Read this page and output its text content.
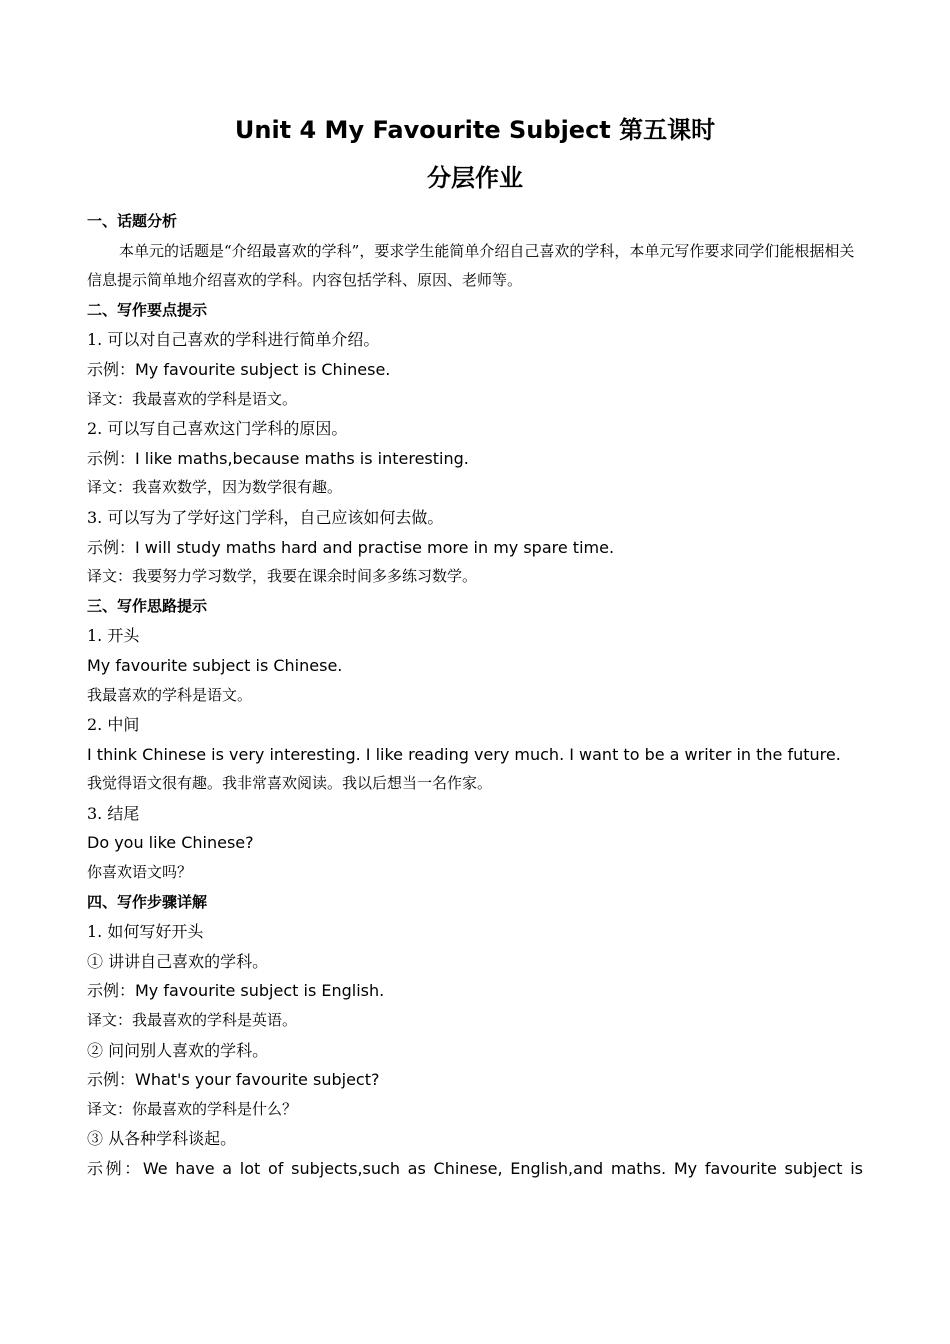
Unit 4 My Favourite Subject 第五课时
分层作业
一、话题分析
本单元的话题是“介绍最喜欢的学科”，要求学生能简单介绍自己喜欢的学科，本单元写作要求同学们能根据相关信息提示简单地介绍喜欢的学科。内容包括学科、原因、老师等。
二、写作要点提示
1. 可以对自己喜欢的学科进行简单介绍。
示例：My favourite subject is Chinese.
译文：我最喜欢的学科是语文。
2. 可以写自己喜欢这门学科的原因。
示例：I like maths,because maths is interesting.
译文：我喜欢数学，因为数学很有趣。
3. 可以写为了学好这门学科，自己应该如何去做。
示例：I will study maths hard and practise more in my spare time.
译文：我要努力学习数学，我要在课余时间多多练习数学。
三、写作思路提示
1. 开头
My favourite subject is Chinese.
我最喜欢的学科是语文。
2. 中间
I think Chinese is very interesting. I like reading very much. I want to be a writer in the future.
我觉得语文很有趣。我非常喜欢阅读。我以后想当一名作家。
3. 结尾
Do you like Chinese?
你喜欢语文吗？
四、写作步骤详解
1. 如何写好开头
① 讲讲自己喜欢的学科。
示例：My favourite subject is English.
译文：我最喜欢的学科是英语。
② 问问别人喜欢的学科。
示例：What's your favourite subject?
译文：你最喜欢的学科是什么？
③ 从各种学科谈起。
示例：We have a lot of subjects,such as Chinese, English,and maths. My favourite subject is
